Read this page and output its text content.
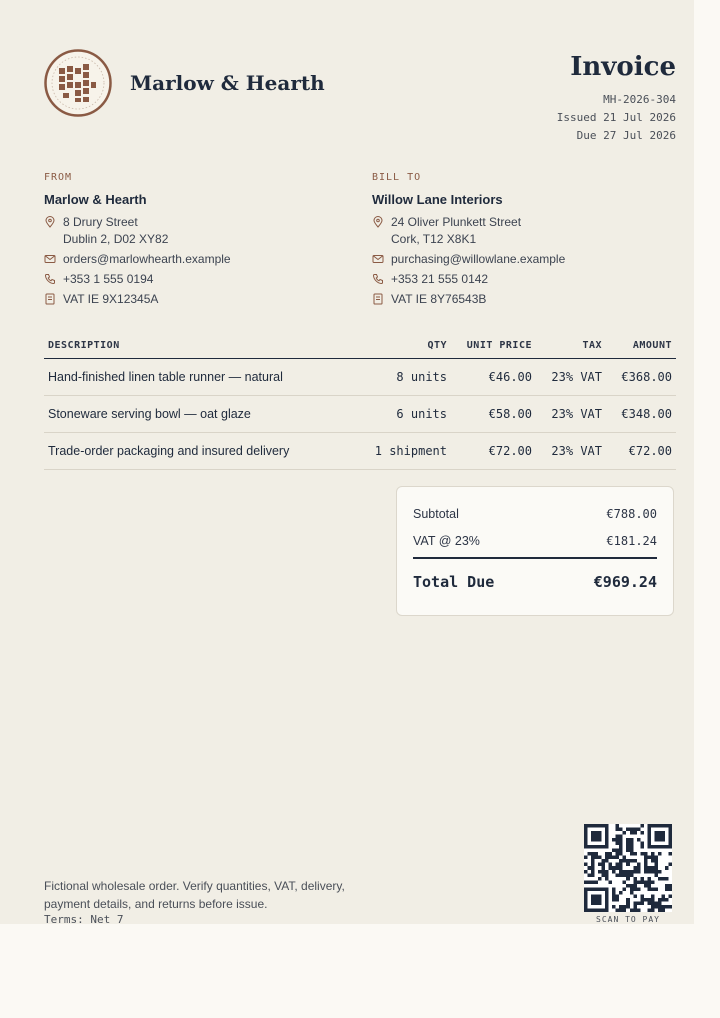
Marlow & Hearth
Invoice
MH-2026-304
Issued 21 Jul 2026
Due 27 Jul 2026
FROM
Marlow & Hearth
8 Drury Street
Dublin 2, D02 XY82
orders@marlowhearth.example
+353 1 555 0194
VAT IE 9X12345A
BILL TO
Willow Lane Interiors
24 Oliver Plunkett Street
Cork, T12 X8K1
purchasing@willowlane.example
+353 21 555 0142
VAT IE 8Y76543B
DESCRIPTION	QTY	UNIT PRICE	TAX	AMOUNT
Hand-finished linen table runner — natural	8 units	€46.00	23% VAT	€368.00
Stoneware serving bowl — oat glaze	6 units	€58.00	23% VAT	€348.00
Trade-order packaging and insured delivery	1 shipment	€72.00	23% VAT	€72.00
Subtotal	€788.00
VAT @ 23%	€181.24
Total Due	€969.24
Fictional wholesale order. Verify quantities, VAT, delivery, payment details, and returns before issue.
Terms: Net 7	SCAN TO PAY
